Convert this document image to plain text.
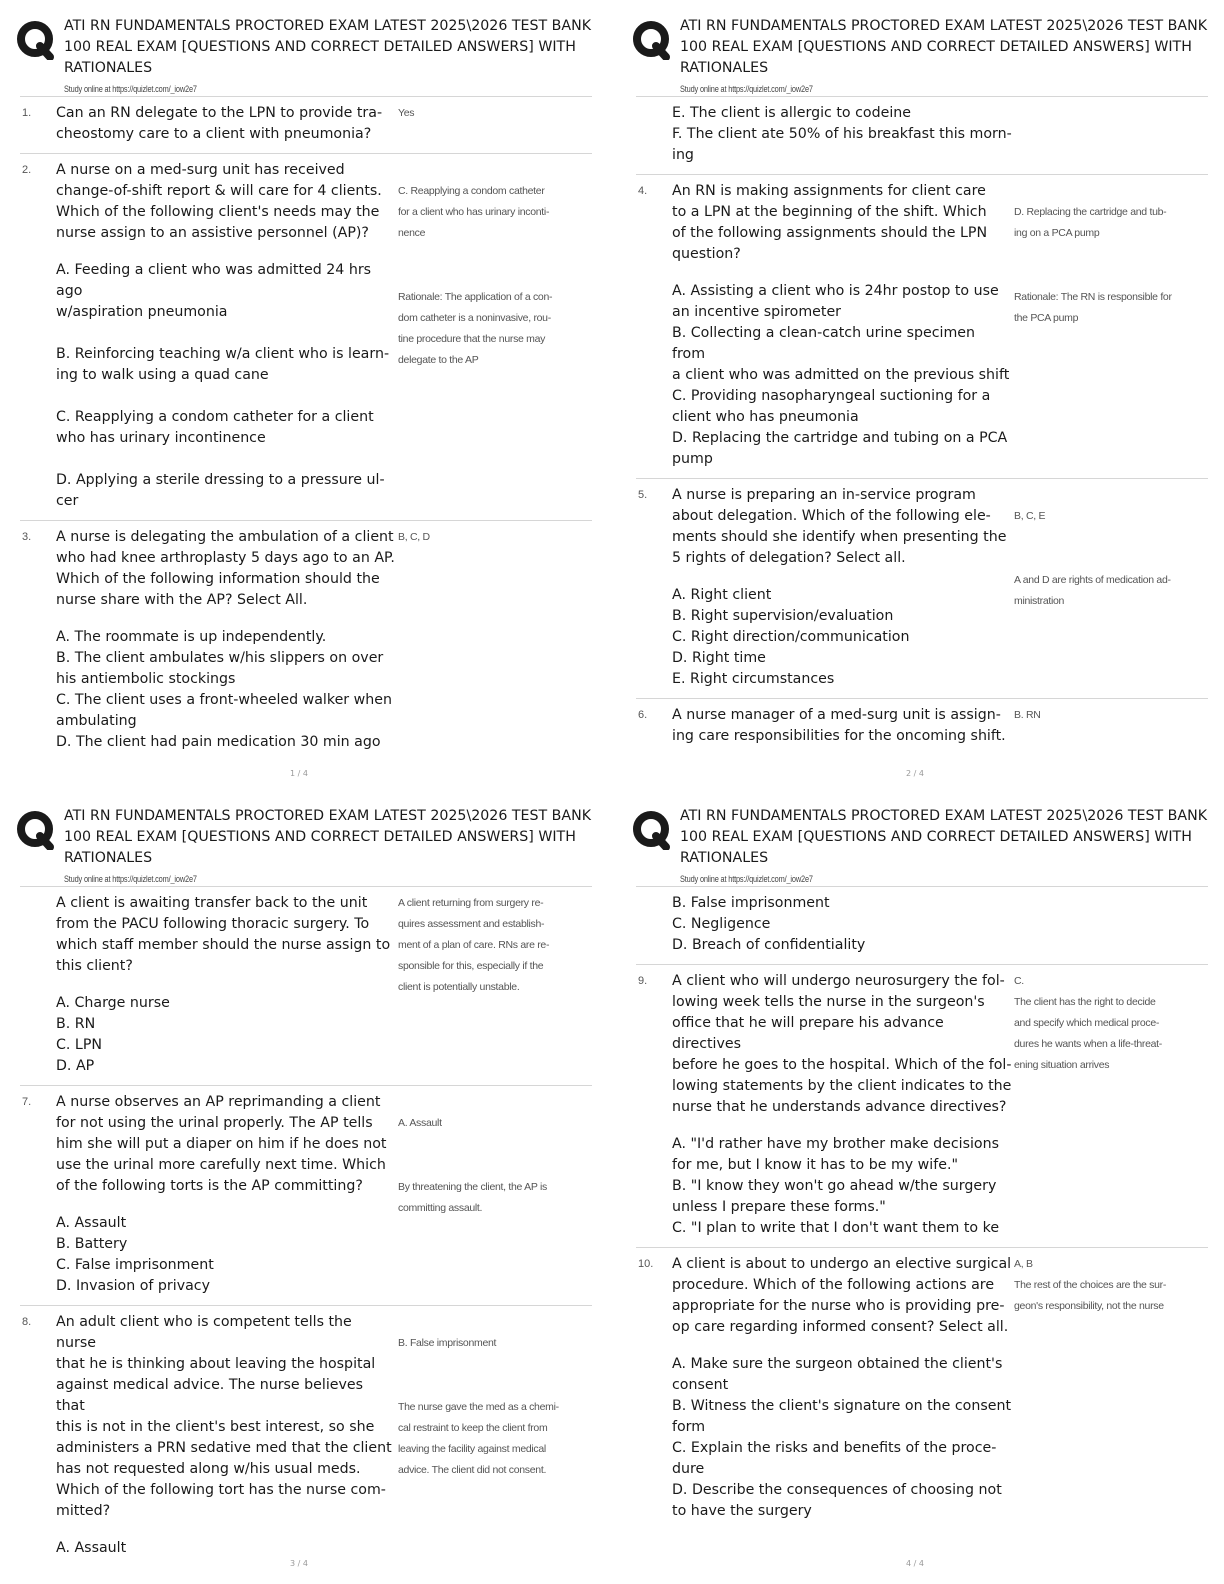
ATI RN FUNDAMENTALS PROCTORED EXAM LATEST 2025\2026 TEST BANK
100 REAL EXAM [QUESTIONS AND CORRECT DETAILED ANSWERS] WITH
RATIONALES
Study online at https://quizlet.com/_iow2e7
1. Can an RN delegate to the LPN to provide tra-
cheostomy care to a client with pneumonia?
Yes
2. A nurse on a med-surg unit has received
change-of-shift report & will care for 4 clients.
Which of the following client's needs may the
nurse assign to an assistive personnel (AP)?
A. Feeding a client who was admitted 24 hrs ago
w/aspiration pneumonia

B. Reinforcing teaching w/a client who is learn-
ing to walk using a quad cane

C. Reapplying a condom catheter for a client
who has urinary incontinence

D. Applying a sterile dressing to a pressure ul-
cer

C. Reapplying a condom catheter
for a client who has urinary inconti-
nence

Rationale: The application of a con-
dom catheter is a noninvasive, rou-
tine procedure that the nurse may
delegate to the AP

3. A nurse is delegating the ambulation of a client
who had knee arthroplasty 5 days ago to an AP.
Which of the following information should the
nurse share with the AP? Select All.
A. The roommate is up independently.
B. The client ambulates w/his slippers on over
his antiembolic stockings
C. The client uses a front-wheeled walker when
ambulating
D. The client had pain medication 30 min ago
B, C, D
1 / 4
ATI RN FUNDAMENTALS PROCTORED EXAM LATEST 2025\2026 TEST BANK
100 REAL EXAM [QUESTIONS AND CORRECT DETAILED ANSWERS] WITH
RATIONALES
Study online at https://quizlet.com/_iow2e7
E. The client is allergic to codeine
F. The client ate 50% of his breakfast this morn-
ing
4. An RN is making assignments for client care
to a LPN at the beginning of the shift. Which
of the following assignments should the LPN
question?
A. Assisting a client who is 24hr postop to use
an incentive spirometer
B. Collecting a clean-catch urine specimen from
a client who was admitted on the previous shift
C. Providing nasopharyngeal suctioning for a
client who has pneumonia
D. Replacing the cartridge and tubing on a PCA
pump

D. Replacing the cartridge and tub-
ing on a PCA pump

Rationale: The RN is responsible for
the PCA pump

5. A nurse is preparing an in-service program
about delegation. Which of the following ele-
ments should she identify when presenting the
5 rights of delegation? Select all.
A. Right client
B. Right supervision/evaluation
C. Right direction/communication
D. Right time
E. Right circumstances

B, C, E

A and D are rights of medication ad-
ministration

6. A nurse manager of a med-surg unit is assign-
ing care responsibilities for the oncoming shift.
B. RN
2 / 4
ATI RN FUNDAMENTALS PROCTORED EXAM LATEST 2025\2026 TEST BANK
100 REAL EXAM [QUESTIONS AND CORRECT DETAILED ANSWERS] WITH
RATIONALES
Study online at https://quizlet.com/_iow2e7
A client is awaiting transfer back to the unit
from the PACU following thoracic surgery. To
which staff member should the nurse assign to
this client?
A. Charge nurse
B. RN
C. LPN
D. AP
A client returning from surgery re-
quires assessment and establish-
ment of a plan of care. RNs are re-
sponsible for this, especially if the
client is potentially unstable.
7. A nurse observes an AP reprimanding a client
for not using the urinal properly. The AP tells
him she will put a diaper on him if he does not
use the urinal more carefully next time. Which
of the following torts is the AP committing?
A. Assault
B. Battery
C. False imprisonment
D. Invasion of privacy

A. Assault

By threatening the client, the AP is
committing assault.

8. An adult client who is competent tells the nurse
that he is thinking about leaving the hospital
against medical advice. The nurse believes that
this is not in the client's best interest, so she
administers a PRN sedative med that the client
has not requested along w/his usual meds.
Which of the following tort has the nurse com-
mitted?
A. Assault

B. False imprisonment

The nurse gave the med as a chemi-
cal restraint to keep the client from
leaving the facility against medical
advice. The client did not consent.

3 / 4
ATI RN FUNDAMENTALS PROCTORED EXAM LATEST 2025\2026 TEST BANK
100 REAL EXAM [QUESTIONS AND CORRECT DETAILED ANSWERS] WITH
RATIONALES
Study online at https://quizlet.com/_iow2e7
B. False imprisonment
C. Negligence
D. Breach of confidentiality
9. A client who will undergo neurosurgery the fol-
lowing week tells the nurse in the surgeon's
office that he will prepare his advance directives
before he goes to the hospital. Which of the fol-
lowing statements by the client indicates to the
nurse that he understands advance directives?
A. "I'd rather have my brother make decisions
for me, but I know it has to be my wife."
B. "I know they won't go ahead w/the surgery
unless I prepare these forms."
C. "I plan to write that I don't want them to ke
C.
The client has the right to decide
and specify which medical proce-
dures he wants when a life-threat-
ening situation arrives
10. A client is about to undergo an elective surgical
procedure. Which of the following actions are
appropriate for the nurse who is providing pre-
op care regarding informed consent? Select all.
A. Make sure the surgeon obtained the client's
consent
B. Witness the client's signature on the consent
form
C. Explain the risks and benefits of the proce-
dure
D. Describe the consequences of choosing not
to have the surgery
A, B
The rest of the choices are the sur-
geon's responsibility, not the nurse
4 / 4
